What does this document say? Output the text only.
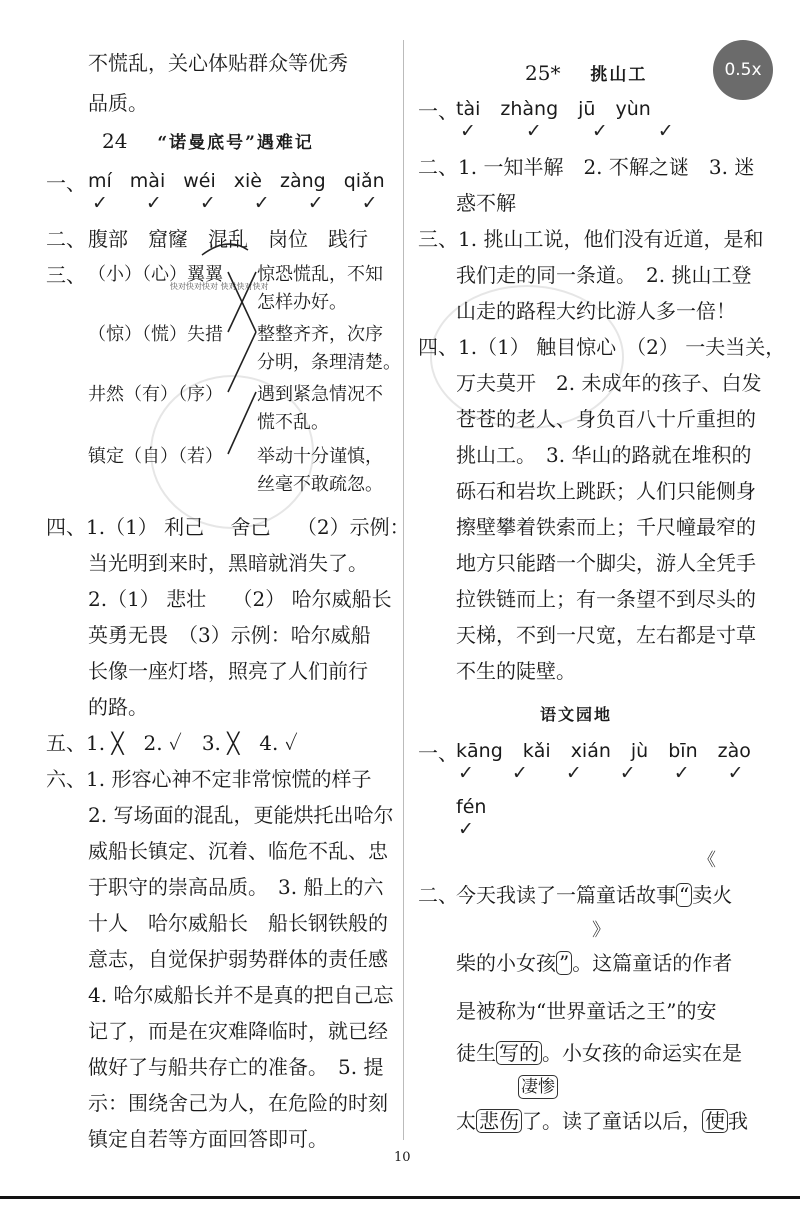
0.5x
不慌乱，关心体贴群众等优秀
品质。
24 “诺曼底号”遇难记
一、 mí mài wéi xiè zàng qiǎn
✓ ✓ ✓ ✓ ✓ ✓
二、 腹部 窟窿 混乱 岗位 践行
三、 （小）（心）翼翼
（惊）（慌）失措
井然（有）（序）
镇定（自）（若）
快对快对快对 快对快对快对
惊恐慌乱，不知
怎样办好。
整整齐齐，次序
分明，条理清楚。
遇到紧急情况不
慌不乱。
举动十分谨慎，
丝毫不敢疏忽。
四、1.（1） 利己　 舍己　 （2）示例：
当光明到来时，黑暗就消失了。
2.（1） 悲壮　 （2） 哈尔威船长
英勇无畏　（3）示例：哈尔威船
长像一座灯塔，照亮了人们前行
的路。
五、1. ╳　2. ✓　3. ╳　4. ✓
六、1. 形容心神不定非常惊慌的样子
2. 写场面的混乱，更能烘托出哈尔
威船长镇定、沉着、临危不乱、忠
于职守的崇高品质。　3. 船上的六
十人　哈尔威船长　船长钢铁般的
意志，自觉保护弱势群体的责任感
4. 哈尔威船长并不是真的把自己忘
记了，而是在灾难降临时，就已经
做好了与船共存亡的准备。　5. 提
示：围绕舍己为人，在危险的时刻
镇定自若等方面回答即可。
25* 挑山工
一、
tài zhàng jū yùn
✓	✓	✓	✓
二、1. 一知半解　2. 不解之谜　3. 迷
惑不解
三、1. 挑山工说，他们没有近道，是和
我们走的同一条道。　2. 挑山工登
山走的路程大约比游人多一倍！
四、1.（1） 触目惊心　（2） 一夫当关，
万夫莫开　2. 未成年的孩子、白发
苍苍的老人、身负百八十斤重担的
挑山工。　3. 华山的路就在堆积的
砾石和岩坎上跳跃；人们只能侧身
擦壁攀着铁索而上；千尺幢最窄的
地方只能踏一个脚尖，游人全凭手
拉铁链而上；有一条望不到尽头的
天梯，不到一尺宽，左右都是寸草
不生的陡壁。
语文园地
一、
kāng kǎi xián jù bīn zào
✓ ✓ ✓ ✓ ✓ ✓
fén
✓
二、
今天我读了一篇童话故事 “ 卖火
《
柴的小女孩 ” 。这篇童话的作者
》
是被称为“世界童话之王”的安
徒生 写的 。小女孩的命运实在是
凄惨
太 悲伤 了。读了童话以后， 使 我
10
